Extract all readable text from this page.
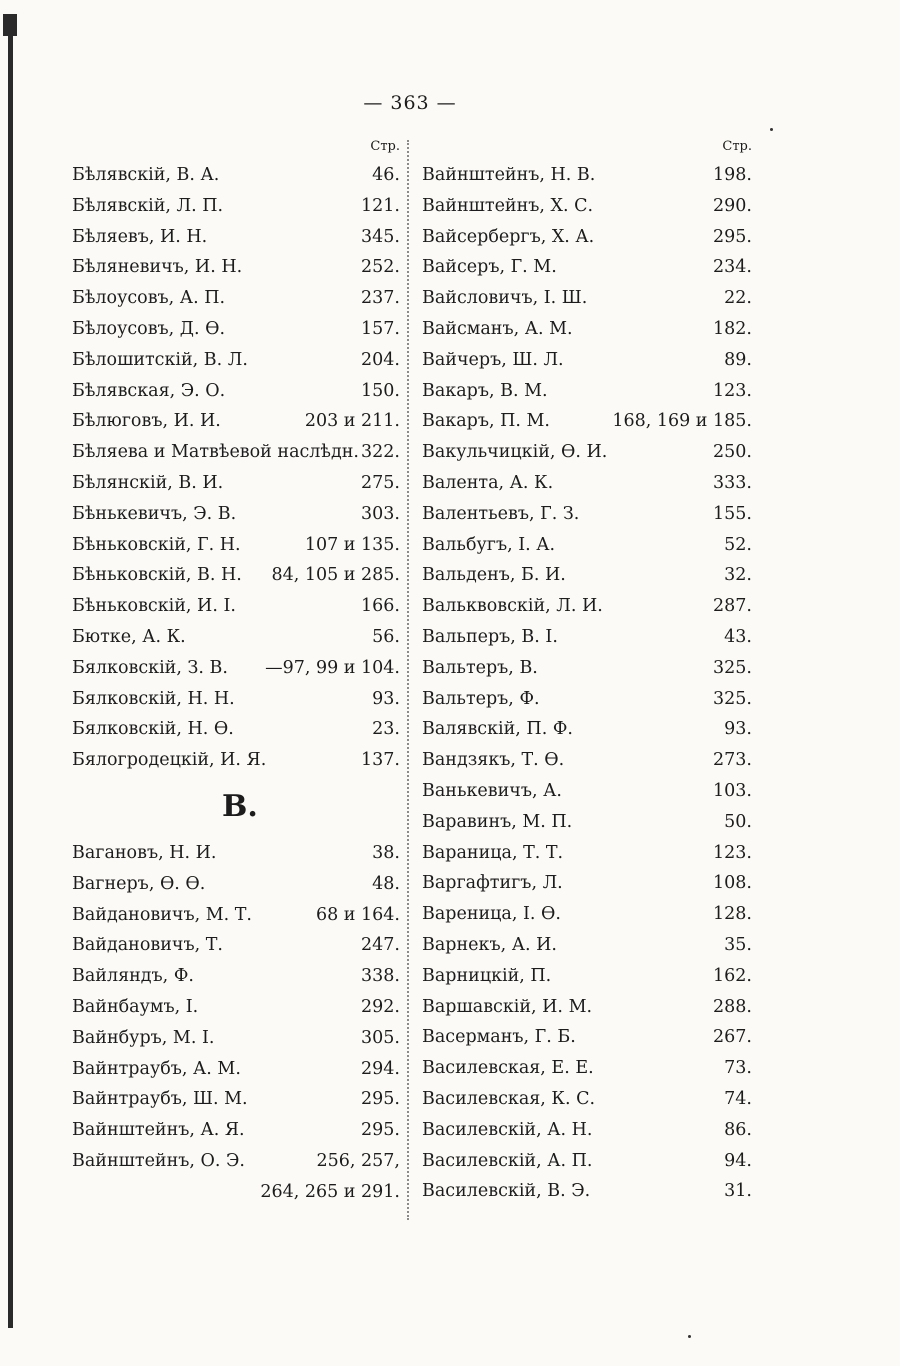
— 363 —
Стр.
Бѣлявскій, В. А.	46.
Бѣлявскій, Л. П.	121.
Бѣляевъ, И. Н.	345.
Бѣляневичъ, И. Н.	252.
Бѣлоусовъ, А. П.	237.
Бѣлоусовъ, Д. Ѳ.	157.
Бѣлошитскій, В. Л.	204.
Бѣлявская, Э. О.	150.
Бѣлюговъ, И. И.	203 и 211.
Бѣляева и Матвѣевой наслѣдн. 322.
Бѣлянскій, В. И.	275.
Бѣнькевичъ, Э. В.	303.
Бѣньковскій, Г. Н.	107 и 135.
Бѣньковскій, В. Н. 84, 105 и 285.
Бѣньковскій, И. I.	166.
Бютке, А. К.	56.
Бялковскій, З. В. —97, 99 и 104.
Бялковскій, Н. Н.	93.
Бялковскій, Н. Ѳ.	23.
Бялогродецкій, И. Я.	137.
В.
Вагановъ, Н. И.	38.
Вагнеръ, Ѳ. Ѳ.	48.
Вайдановичъ, М. Т.	68 и 164.
Вайдановичъ, Т.	247.
Вайляндъ, Ф.	338.
Вайнбаумъ, I.	292.
Вайнбуръ, М. I.	305.
Вайнтраубъ, А. М.	294.
Вайнтраубъ, Ш. М.	295.
Вайнштейнъ, А. Я.	295.
Вайнштейнъ, О. Э.	256, 257,
264, 265 и 291.
Стр.
Вайнштейнъ, Н. В.	198.
Вайнштейнъ, Х. С.	290.
Вайсербергъ, Х. А.	295.
Вайсеръ, Г. М.	234.
Вайсловичъ, I. Ш.	22.
Вайсманъ, А. М.	182.
Вайчеръ, Ш. Л.	89.
Вакаръ, В. М.	123.
Вакаръ, П. М.	168, 169 и 185.
Вакульчицкій, Ѳ. И.	250.
Валента, А. К.	333.
Валентьевъ, Г. З.	155.
Вальбугъ, I. А.	52.
Вальденъ, Б. И.	32.
Вальквовскій, Л. И.	287.
Вальперъ, В. I.	43.
Вальтеръ, В.	325.
Вальтеръ, Ф.	325.
Валявскій, П. Ф.	93.
Вандзякъ, Т. Ѳ.	273.
Ванькевичъ, А.	103.
Варавинъ, М. П.	50.
Вараница, Т. Т.	123.
Варгафтигъ, Л.	108.
Вареница, I. Ѳ.	128.
Варнекъ, А. И.	35.
Варницкій, П.	162.
Варшавскій, И. М.	288.
Васерманъ, Г. Б.	267.
Василевская, Е. Е.	73.
Василевская, К. С.	74.
Василевскій, А. Н.	86.
Василевскій, А. П.	94.
Василевскій, В. Э.	31.
